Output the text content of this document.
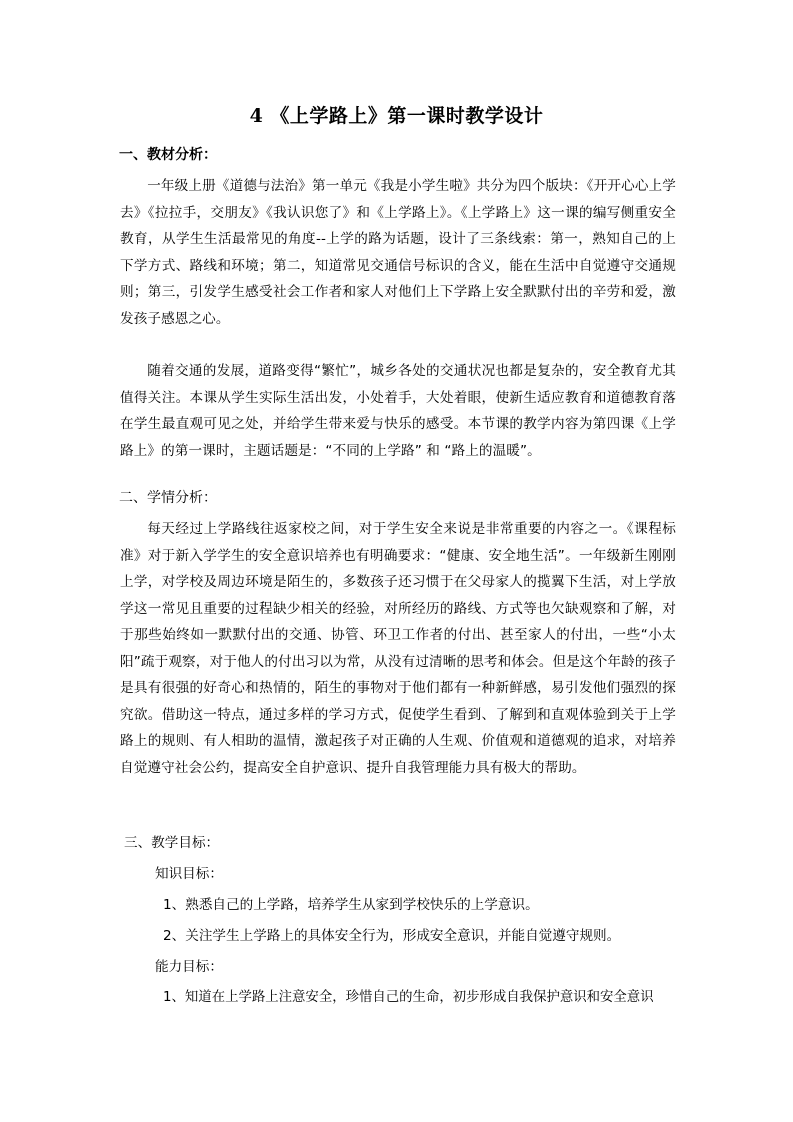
4 《上学路上》第一课时教学设计
一、教材分析：
一年级上册《道德与法治》第一单元《我是小学生啦》共分为四个版块：《开开心心上学去》《拉拉手，交朋友》《我认识您了》和《上学路上》。《上学路上》这一课的编写侧重安全教育，从学生生活最常见的角度--上学的路为话题，设计了三条线索：第一，熟知自己的上下学方式、路线和环境；第二，知道常见交通信号标识的含义，能在生活中自觉遵守交通规则；第三，引发学生感受社会工作者和家人对他们上下学路上安全默默付出的辛劳和爱，激发孩子感恩之心。
随着交通的发展，道路变得“繁忙”，城乡各处的交通状况也都是复杂的，安全教育尤其值得关注。本课从学生实际生活出发，小处着手，大处着眼，使新生适应教育和道德教育落在学生最直观可见之处，并给学生带来爱与快乐的感受。本节课的教学内容为第四课《上学路上》的第一课时，主题话题是：“不同的上学路” 和 “路上的温暖”。
二、学情分析：
每天经过上学路线往返家校之间，对于学生安全来说是非常重要的内容之一。《课程标准》对于新入学学生的安全意识培养也有明确要求：“健康、安全地生活”。一年级新生刚刚上学，对学校及周边环境是陌生的，多数孩子还习惯于在父母家人的揽翼下生活，对上学放学这一常见且重要的过程缺少相关的经验，对所经历的路线、方式等也欠缺观察和了解，对于那些始终如一默默付出的交通、协管、环卫工作者的付出、甚至家人的付出，一些“小太阳”疏于观察，对于他人的付出习以为常，从没有过清晰的思考和体会。但是这个年龄的孩子是具有很强的好奇心和热情的，陌生的事物对于他们都有一种新鲜感，易引发他们强烈的探究欲。借助这一特点，通过多样的学习方式，促使学生看到、了解到和直观体验到关于上学路上的规则、有人相助的温情，激起孩子对正确的人生观、价值观和道德观的追求，对培养自觉遵守社会公约，提高安全自护意识、提升自我管理能力具有极大的帮助。
三、教学目标：
知识目标：
1、熟悉自己的上学路，培养学生从家到学校快乐的上学意识。
2、关注学生上学路上的具体安全行为，形成安全意识，并能自觉遵守规则。
能力目标：
1、知道在上学路上注意安全，珍惜自己的生命，初步形成自我保护意识和安全意识
